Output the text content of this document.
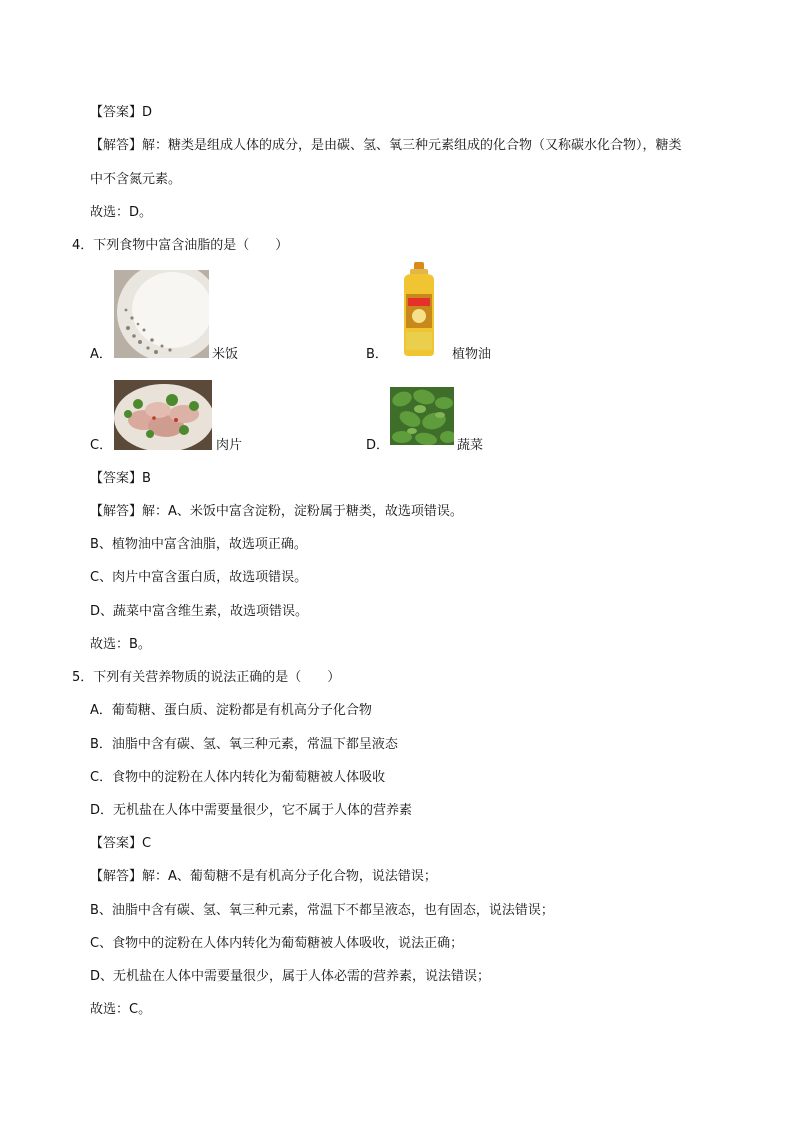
【答案】D
【解答】解：糖类是组成人体的成分，是由碳、氢、氧三种元素组成的化合物（又称碳水化合物），糖类
中不含氮元素。
故选：D。
4．下列食物中富含油脂的是（　　）
A．	米饭	B．	植物油
C．	肉片	D．	蔬菜
【答案】B
【解答】解：A、米饭中富含淀粉，淀粉属于糖类，故选项错误。
B、植物油中富含油脂，故选项正确。
C、肉片中富含蛋白质，故选项错误。
D、蔬菜中富含维生素，故选项错误。
故选：B。
5．下列有关营养物质的说法正确的是（　　）
A．葡萄糖、蛋白质、淀粉都是有机高分子化合物
B．油脂中含有碳、氢、氧三种元素，常温下都呈液态
C．食物中的淀粉在人体内转化为葡萄糖被人体吸收
D．无机盐在人体中需要量很少，它不属于人体的营养素
【答案】C
【解答】解：A、葡萄糖不是有机高分子化合物，说法错误；
B、油脂中含有碳、氢、氧三种元素，常温下不都呈液态，也有固态，说法错误；
C、食物中的淀粉在人体内转化为葡萄糖被人体吸收，说法正确；
D、无机盐在人体中需要量很少，属于人体必需的营养素，说法错误；
故选：C。
